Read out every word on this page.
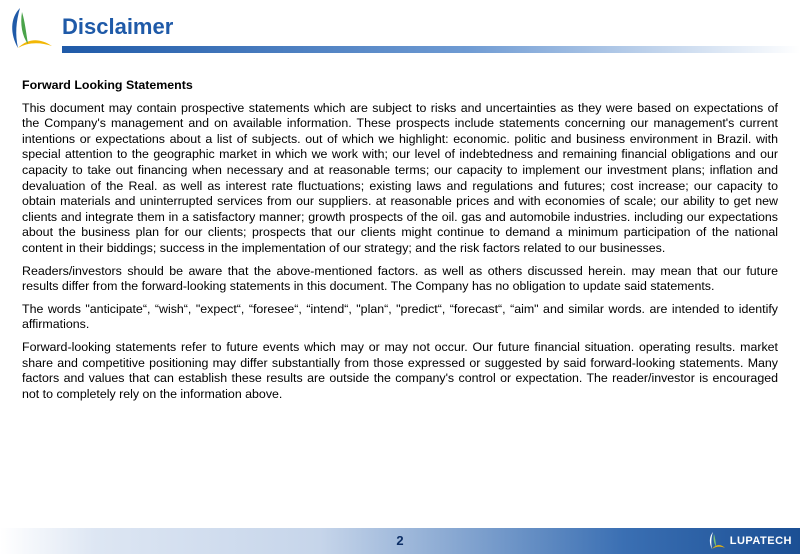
Disclaimer
Forward Looking Statements

This document may contain prospective statements which are subject to risks and uncertainties as they were based on expectations of the Company's management and on available information. These prospects include statements concerning our management's current intentions or expectations about a list of subjects. out of which we highlight: economic. politic and business environment in Brazil. with special attention to the geographic market in which we work with; our level of indebtedness and remaining financial obligations and our capacity to take out financing when necessary and at reasonable terms; our capacity to implement our investment plans; inflation and devaluation of the Real. as well as interest rate fluctuations; existing laws and regulations and futures; cost increase; our capacity to obtain materials and uninterrupted services from our suppliers. at reasonable prices and with economies of scale; our ability to get new clients and integrate them in a satisfactory manner; growth prospects of the oil. gas and automobile industries. including our expectations about the business plan for our clients; prospects that our clients might continue to demand a minimum participation of the national content in their biddings; success in the implementation of our strategy; and the risk factors related to our businesses.

Readers/investors should be aware that the above-mentioned factors. as well as others discussed herein. may mean that our future results differ from the forward-looking statements in this document. The Company has no obligation to update said statements.

The words "anticipate“, “wish“, "expect“, “foresee“, “intend“, "plan“, "predict“, “forecast“, “aim" and similar words. are intended to identify affirmations.

Forward-looking statements refer to future events which may or may not occur. Our future financial situation. operating results. market share and competitive positioning may differ substantially from those expressed or suggested by said forward-looking statements. Many factors and values that can establish these results are outside the company's control or expectation. The reader/investor is encouraged not to completely rely on the information above.

2	LUPATECH
